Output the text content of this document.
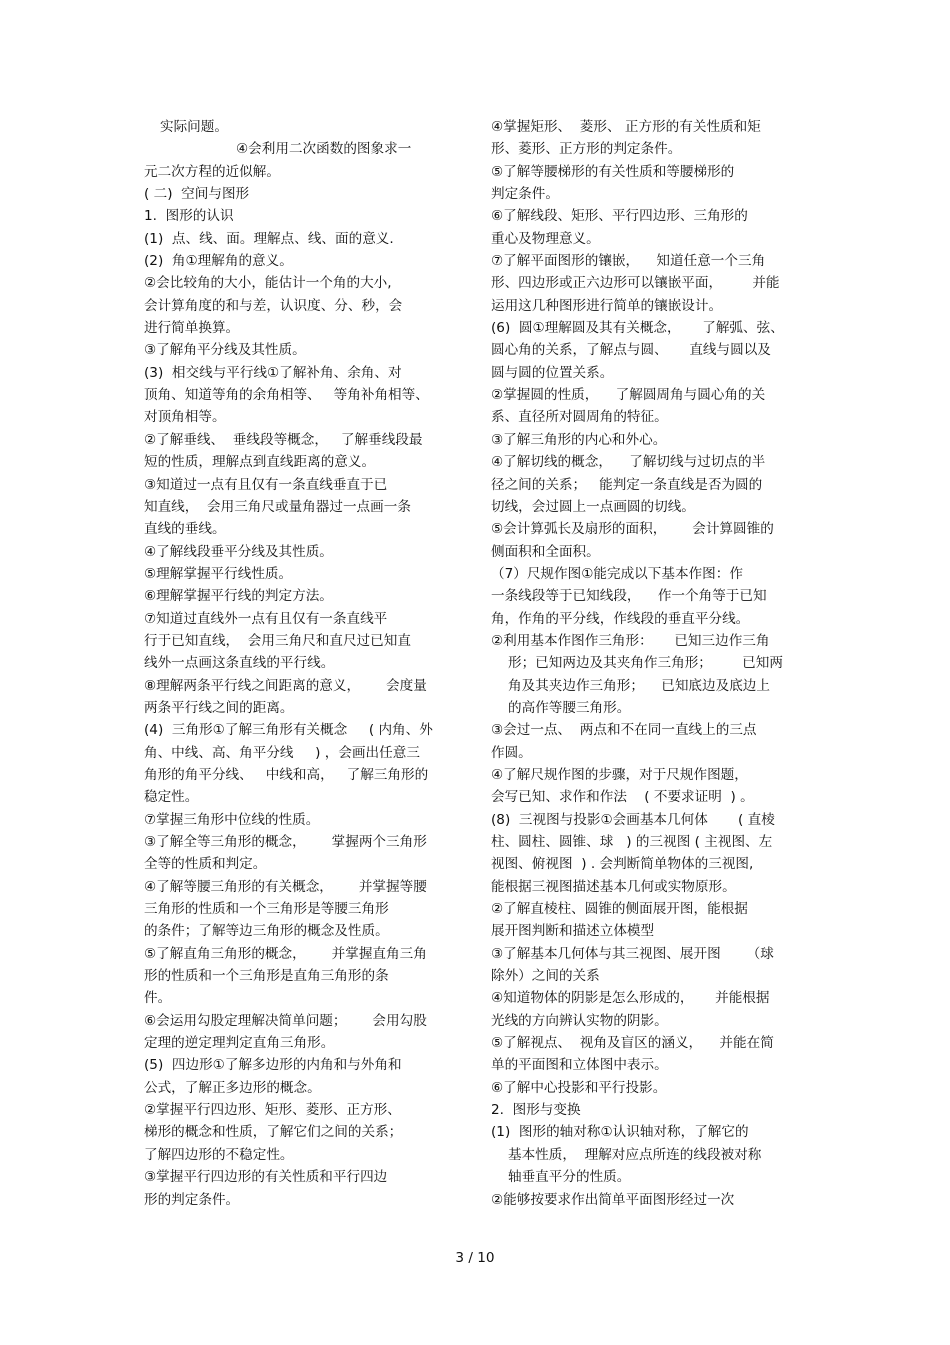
实际问题。
④会利用二次函数的图象求一
元二次方程的近似解。
( 二)  空间与图形
1.  图形的认识
(1)  点、线、面。理解点、线、面的意义.
(2)  角①理解角的意义。
②会比较角的大小，能估计一个角的大小,
会计算角度的和与差，认识度、分、秒，会
进行简单换算。
③了解角平分线及其性质。
(3)  相交线与平行线①了解补角、余角、对
顶角、知道等角的余角相等、   等角补角相等、
对顶角相等。
②了解垂线、  垂线段等概念，   了解垂线段最
短的性质，理解点到直线距离的意义。
③知道过一点有且仅有一条直线垂直于已
知直线，  会用三角尺或量角器过一点画一条
直线的垂线。
④了解线段垂平分线及其性质。
⑤理解掌握平行线性质。
⑥理解掌握平行线的判定方法。
⑦知道过直线外一点有且仅有一条直线平
行于已知直线，  会用三角尺和直尺过已知直
线外一点画这条直线的平行线。
⑧理解两条平行线之间距离的意义，      会度量
两条平行线之间的距离。
(4)  三角形①了解三角形有关概念     ( 内角、外
角、中线、高、角平分线     ) ，会画出任意三
角形的角平分线、   中线和高，   了解三角形的
稳定性。
⑦掌握三角形中位线的性质。
③了解全等三角形的概念，      掌握两个三角形
全等的性质和判定。
④了解等腰三角形的有关概念，      并掌握等腰
三角形的性质和一个三角形是等腰三角形
的条件；了解等边三角形的概念及性质。
⑤了解直角三角形的概念，      并掌握直角三角
形的性质和一个三角形是直角三角形的条
件。
⑥会运用勾股定理解决简单问题；      会用勾股
定理的逆定理判定直角三角形。
(5)  四边形①了解多边形的内角和与外角和
公式，了解正多边形的概念。
②掌握平行四边形、矩形、菱形、正方形、
梯形的概念和性质，了解它们之间的关系；
了解四边形的不稳定性。
③掌握平行四边形的有关性质和平行四边
形的判定条件。
④掌握矩形、  菱形、 正方形的有关性质和矩
形、菱形、正方形的判定条件。
⑤了解等腰梯形的有关性质和等腰梯形的
判定条件。
⑥了解线段、矩形、平行四边形、三角形的
重心及物理意义。
⑦了解平面图形的镶嵌，    知道任意一个三角
形、四边形或正六边形可以镶嵌平面，       并能
运用这几种图形进行简单的镶嵌设计。
(6)  圆①理解圆及其有关概念，     了解弧、弦、
圆心角的关系，了解点与圆、     直线与圆以及
圆与圆的位置关系。
②掌握圆的性质，    了解圆周角与圆心角的关
系、直径所对圆周角的特征。
③了解三角形的内心和外心。
④了解切线的概念，    了解切线与过切点的半
径之间的关系；   能判定一条直线是否为圆的
切线，会过圆上一点画圆的切线。
⑤会计算弧长及扇形的面积，      会计算圆锥的
侧面积和全面积。
（7）尺规作图①能完成以下基本作图：作
一条线段等于已知线段，    作一个角等于已知
角，作角的平分线，作线段的垂直平分线。
②利用基本作图作三角形：     已知三边作三角
形；已知两边及其夹角作三角形；       已知两
角及其夹边作三角形；    已知底边及底边上
的高作等腰三角形。
③会过一点、  两点和不在同一直线上的三点
作圆。
④了解尺规作图的步骤，对于尺规作图题，
会写已知、求作和作法    ( 不要求证明  ) 。
(8)  三视图与投影①会画基本几何体       ( 直棱
柱、圆柱、圆锥、球   ) 的三视图 ( 主视图、左
视图、俯视图  ) . 会判断简单物体的三视图,
能根据三视图描述基本几何或实物原形。
②了解直棱柱、圆锥的侧面展开图，能根据
展开图判断和描述立体模型
③了解基本几何体与其三视图、展开图      （球
除外）之间的关系
④知道物体的阴影是怎么形成的，     并能根据
光线的方向辨认实物的阴影。
⑤了解视点、  视角及盲区的涵义，    并能在简
单的平面图和立体图中表示。
⑥了解中心投影和平行投影。
2.  图形与变换
(1)  图形的轴对称①认识轴对称，了解它的
基本性质，  理解对应点所连的线段被对称
轴垂直平分的性质。
②能够按要求作出简单平面图形经过一次
3 / 10
